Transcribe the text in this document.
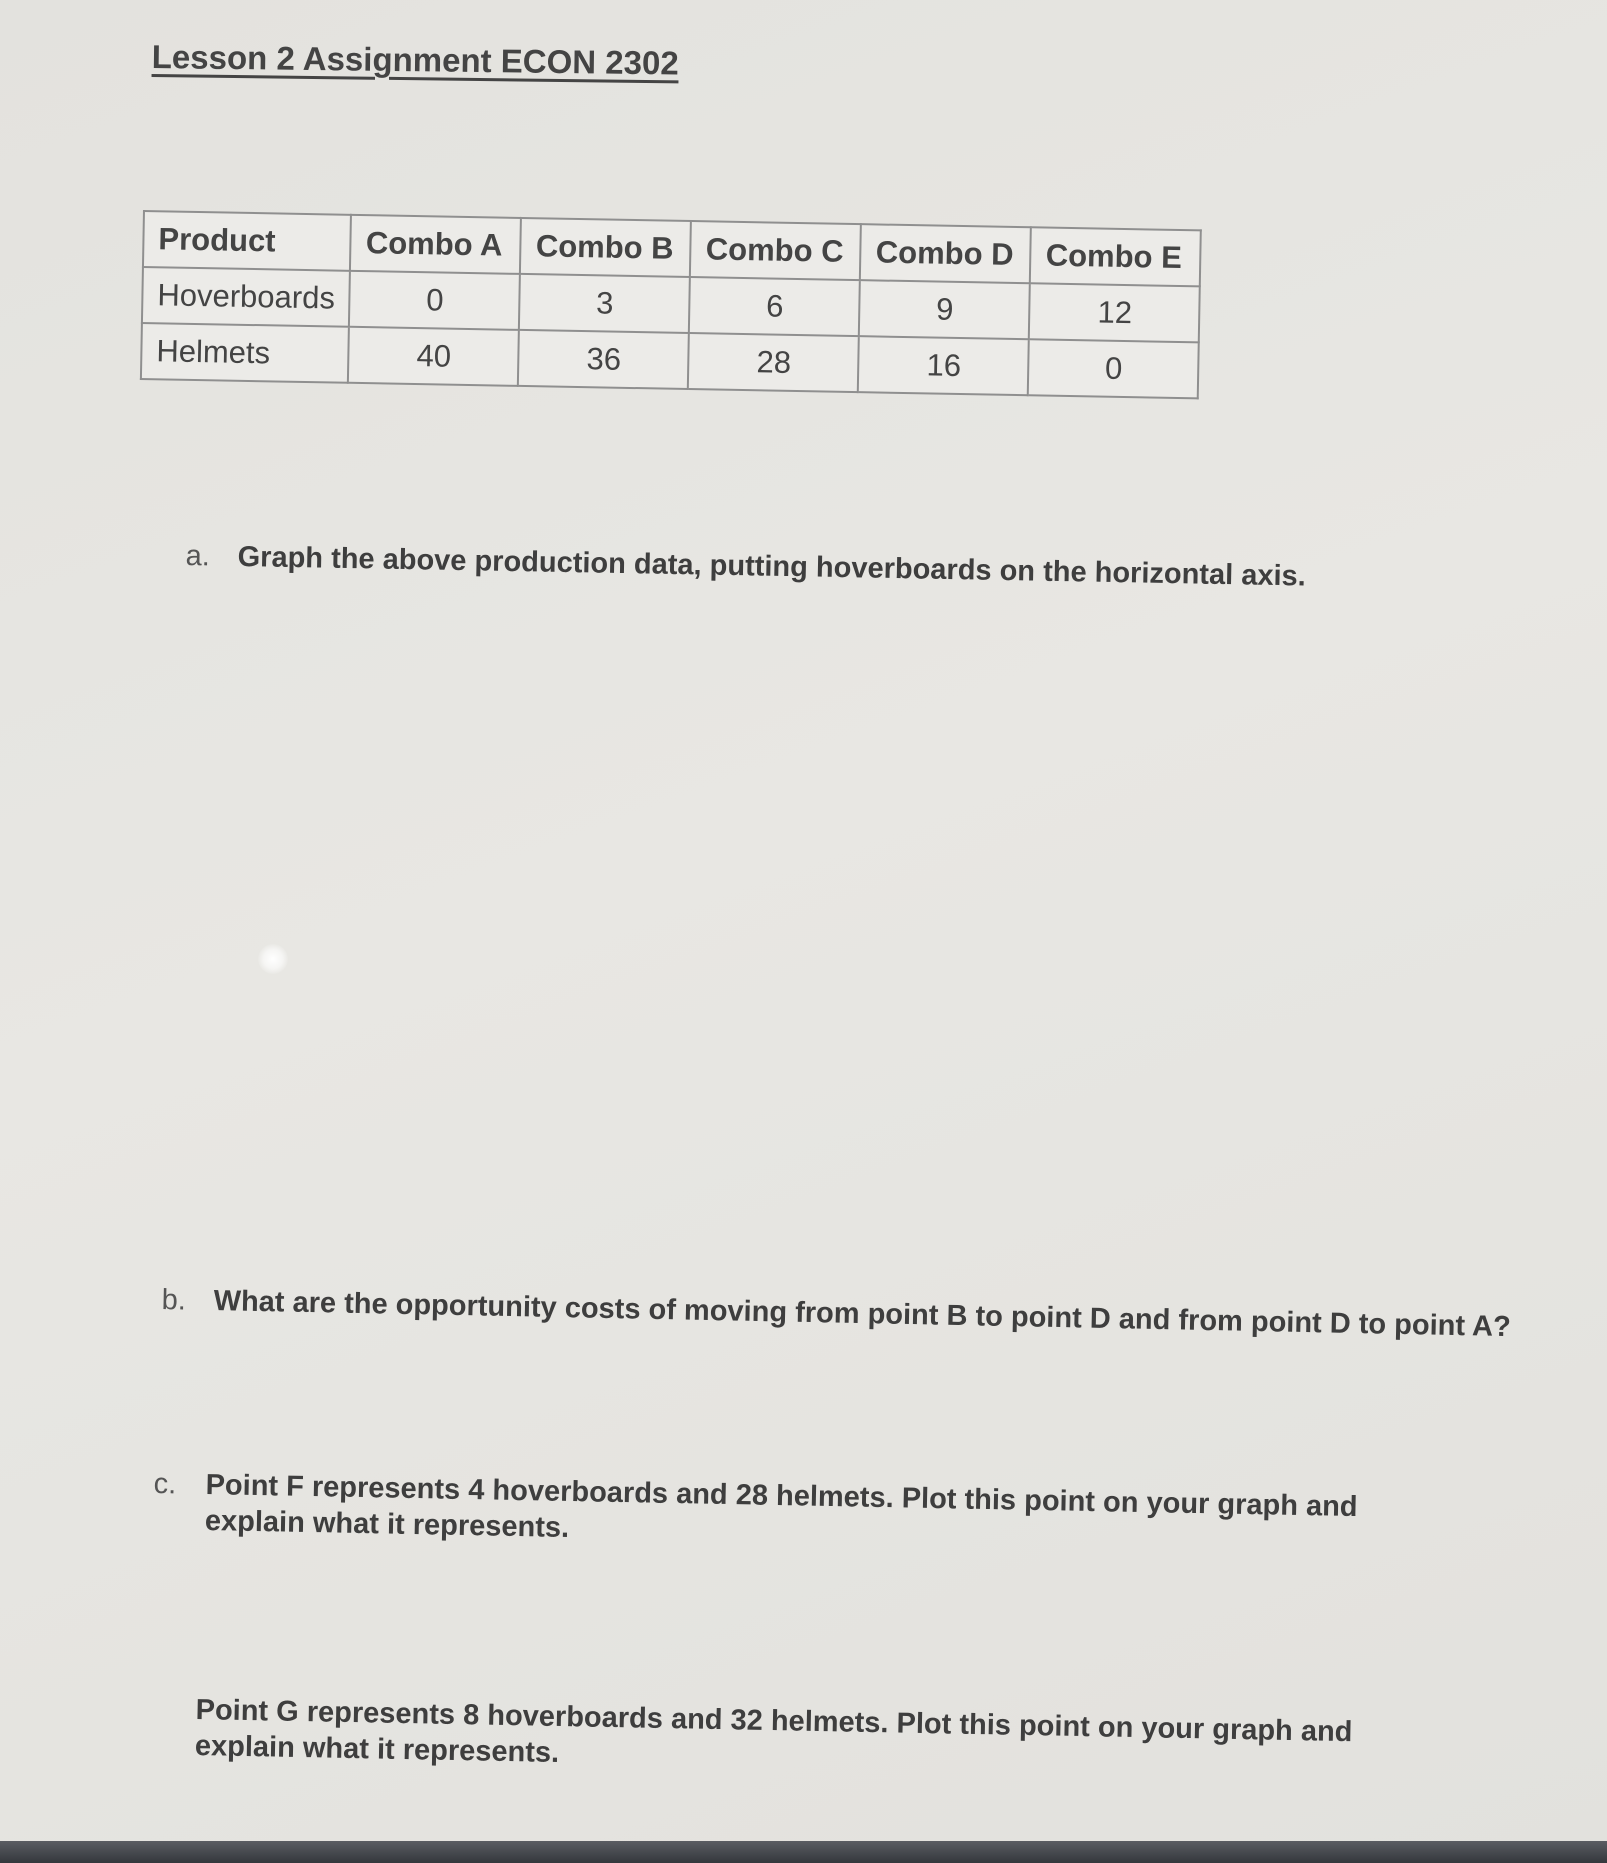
Lesson 2 Assignment ECON 2302
Product	Combo A	Combo B	Combo C	Combo D	Combo E
Hoverboards	0	3	6	9	12
Helmets	40	36	28	16	0

a. Graph the above production data, putting hoverboards on the horizontal axis.

b. What are the opportunity costs of moving from point B to point D and from point D to point A?

c. Point F represents 4 hoverboards and 28 helmets. Plot this point on your graph and explain what it represents.

Point G represents 8 hoverboards and 32 helmets. Plot this point on your graph and explain what it represents.
